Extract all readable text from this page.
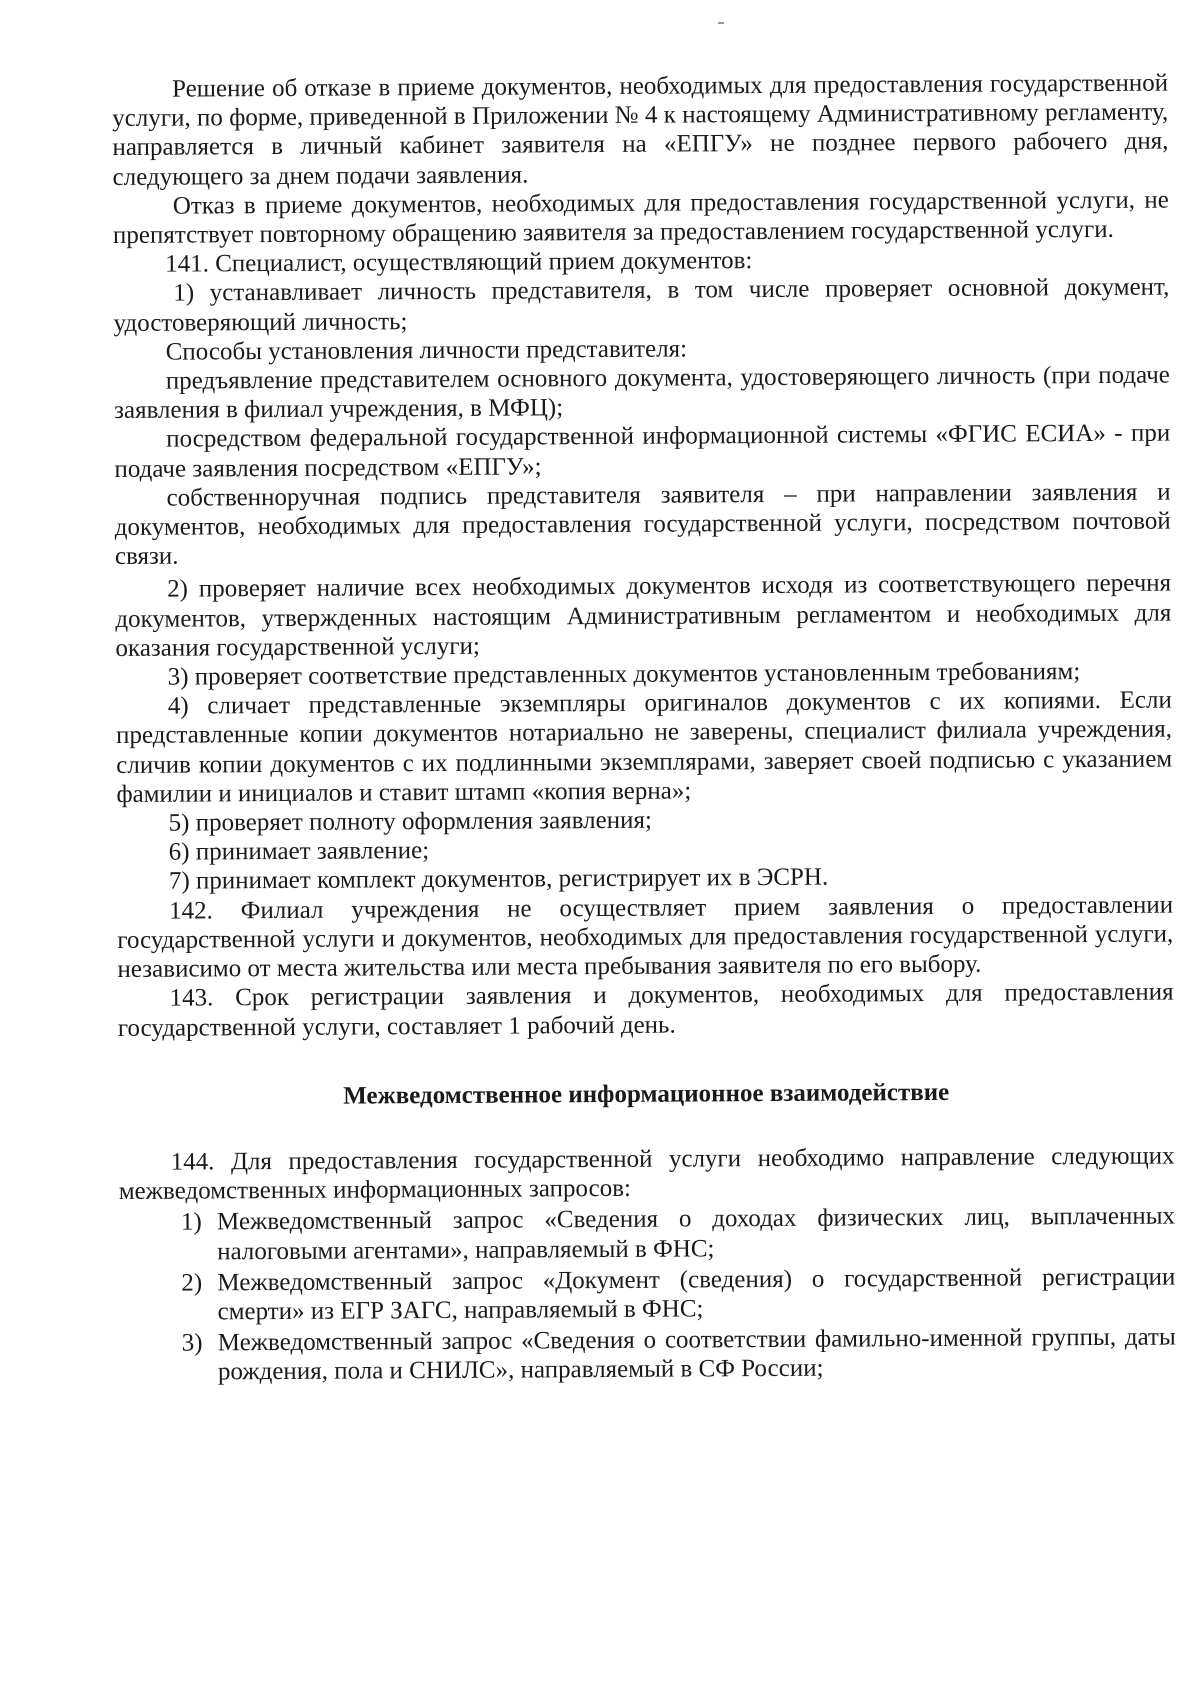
Решение об отказе в приеме документов, необходимых для предоставления государственной услуги, по форме, приведенной в Приложении № 4 к настоящему Административному регламенту, направляется в личный кабинет заявителя на «ЕПГУ» не позднее первого рабочего дня, следующего за днем подачи заявления.

Отказ в приеме документов, необходимых для предоставления государственной услуги, не препятствует повторному обращению заявителя за предоставлением государственной услуги.

141. Специалист, осуществляющий прием документов:

1) устанавливает личность представителя, в том числе проверяет основной документ, удостоверяющий личность;

Способы установления личности представителя:

предъявление представителем основного документа, удостоверяющего личность (при подаче заявления в филиал учреждения, в МФЦ);

посредством федеральной государственной информационной системы «ФГИС ЕСИА» - при подаче заявления посредством «ЕПГУ»;

собственноручная подпись представителя заявителя – при направлении заявления и документов, необходимых для предоставления государственной услуги, посредством почтовой связи.

2) проверяет наличие всех необходимых документов исходя из соответствующего перечня документов, утвержденных настоящим Административным регламентом и необходимых для оказания государственной услуги;

3) проверяет соответствие представленных документов установленным требованиям;

4) сличает представленные экземпляры оригиналов документов с их копиями. Если представленные копии документов нотариально не заверены, специалист филиала учреждения, сличив копии документов с их подлинными экземплярами, заверяет своей подписью с указанием фамилии и инициалов и ставит штамп «копия верна»;

5) проверяет полноту оформления заявления;

6) принимает заявление;

7) принимает комплект документов, регистрирует их в ЭСРН.

142. Филиал учреждения не осуществляет прием заявления о предоставлении государственной услуги и документов, необходимых для предоставления государственной услуги, независимо от места жительства или места пребывания заявителя по его выбору.

143. Срок регистрации заявления и документов, необходимых для предоставления государственной услуги, составляет 1 рабочий день.

Межведомственное информационное взаимодействие

144. Для предоставления государственной услуги необходимо направление следующих межведомственных информационных запросов:

1) Межведомственный запрос «Сведения о доходах физических лиц, выплаченных налоговыми агентами», направляемый в ФНС;
2) Межведомственный запрос «Документ (сведения) о государственной регистрации смерти» из ЕГР ЗАГС, направляемый в ФНС;
3) Межведомственный запрос «Сведения о соответствии фамильно-именной группы, даты рождения, пола и СНИЛС», направляемый в СФ России;
